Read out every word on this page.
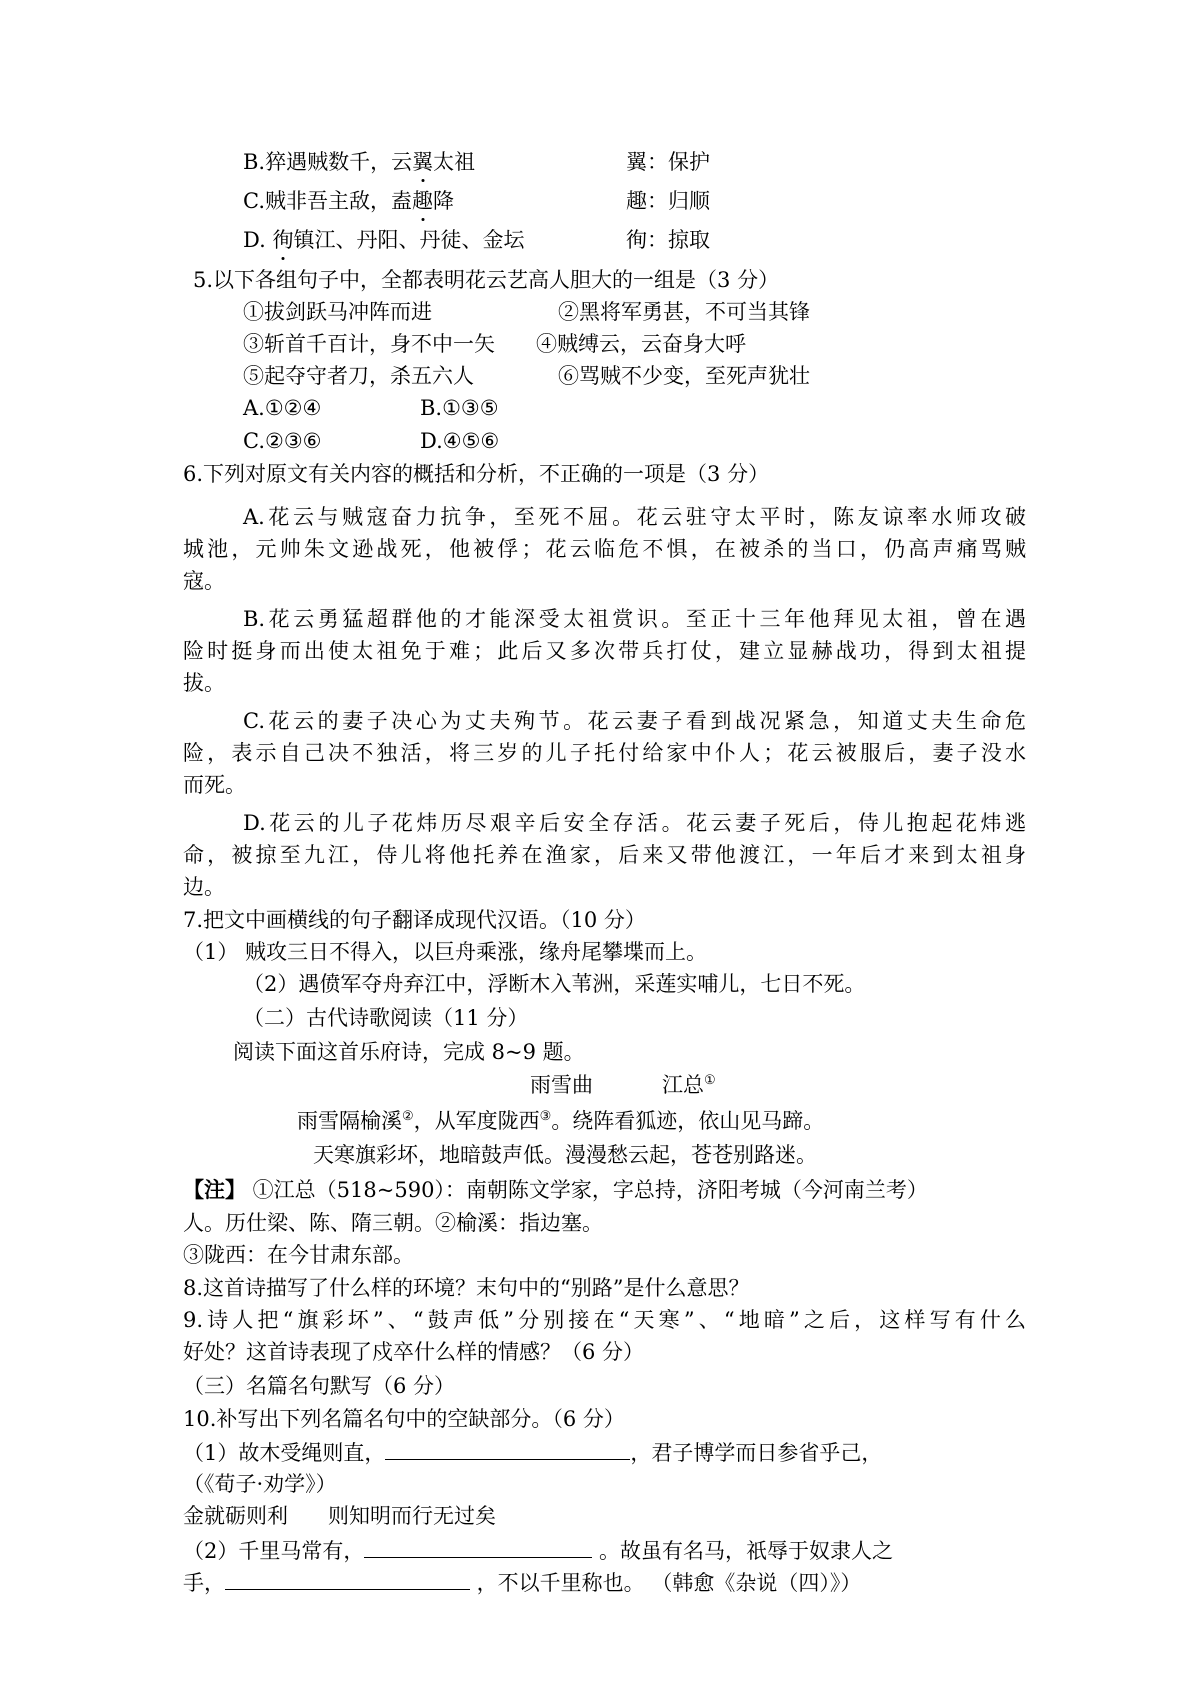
B.猝遇贼数千，云翼太祖	翼：保护
C.贼非吾主敌，盍趣降	趣：归顺
D. 徇镇江、丹阳、丹徒、金坛	徇：掠取
5.以下各组句子中，全都表明花云艺高人胆大的一组是（3 分）
①拔剑跃马冲阵而进	②黑将军勇甚，不可当其锋
③斩首千百计，身不中一矢 ④贼缚云，云奋身大呼
⑤起夺守者刀，杀五六人	⑥骂贼不少变，至死声犹壮
A.①②④	B.①③⑤
C.②③⑥	D.④⑤⑥
6.下列对原文有关内容的概括和分析，不正确的一项是（3 分）
A.花云与贼寇奋力抗争，至死不屈。花云驻守太平时，陈友谅率水师攻破
城池，元帅朱文逊战死，他被俘；花云临危不惧，在被杀的当口，仍高声痛骂贼
寇。
B.花云勇猛超群他的才能深受太祖赏识。至正十三年他拜见太祖，曾在遇
险时挺身而出使太祖免于难；此后又多次带兵打仗，建立显赫战功，得到太祖提
拔。
C.花云的妻子决心为丈夫殉节。花云妻子看到战况紧急，知道丈夫生命危
险，表示自己决不独活，将三岁的儿子托付给家中仆人；花云被服后，妻子没水
而死。
D.花云的儿子花炜历尽艰辛后安全存活。花云妻子死后，侍儿抱起花炜逃
命，被掠至九江，侍儿将他托养在渔家，后来又带他渡江，一年后才来到太祖身
边。
7.把文中画横线的句子翻译成现代汉语。（10 分）
（1） 贼攻三日不得入，以巨舟乘涨，缘舟尾攀堞而上。
（2）遇偾军夺舟弃江中，浮断木入苇洲，采莲实哺儿，七日不死。
（二）古代诗歌阅读（11 分）
阅读下面这首乐府诗，完成 8~9 题。
雨雪曲	江总①
雨雪隔榆溪②，从军度陇西③。绕阵看狐迹，依山见马蹄。
天寒旗彩坏，地暗鼓声低。漫漫愁云起，苍苍别路迷。
【注】 ①江总（518~590）：南朝陈文学家，字总持，济阳考城（今河南兰考）
人。历仕梁、陈、隋三朝。②榆溪：指边塞。
③陇西：在今甘肃东部。
8.这首诗描写了什么样的环境？末句中的“别路”是什么意思？
9.诗人把“旗彩坏”、“鼓声低”分别接在“天寒”、“地暗”之后，这样写有什么
好处？这首诗表现了戍卒什么样的情感？（6 分）
（三）名篇名句默写（6 分）
10.补写出下列名篇名句中的空缺部分。（6 分）
（1）故木受绳则直，	，君子博学而日参省乎己，
（《荀子·劝学》）
金就砺则利      则知明而行无过矣
（2）千里马常有，	。故虽有名马，祇辱于奴隶人之
手，	，不以千里称也。 （韩愈《杂说（四）》）
